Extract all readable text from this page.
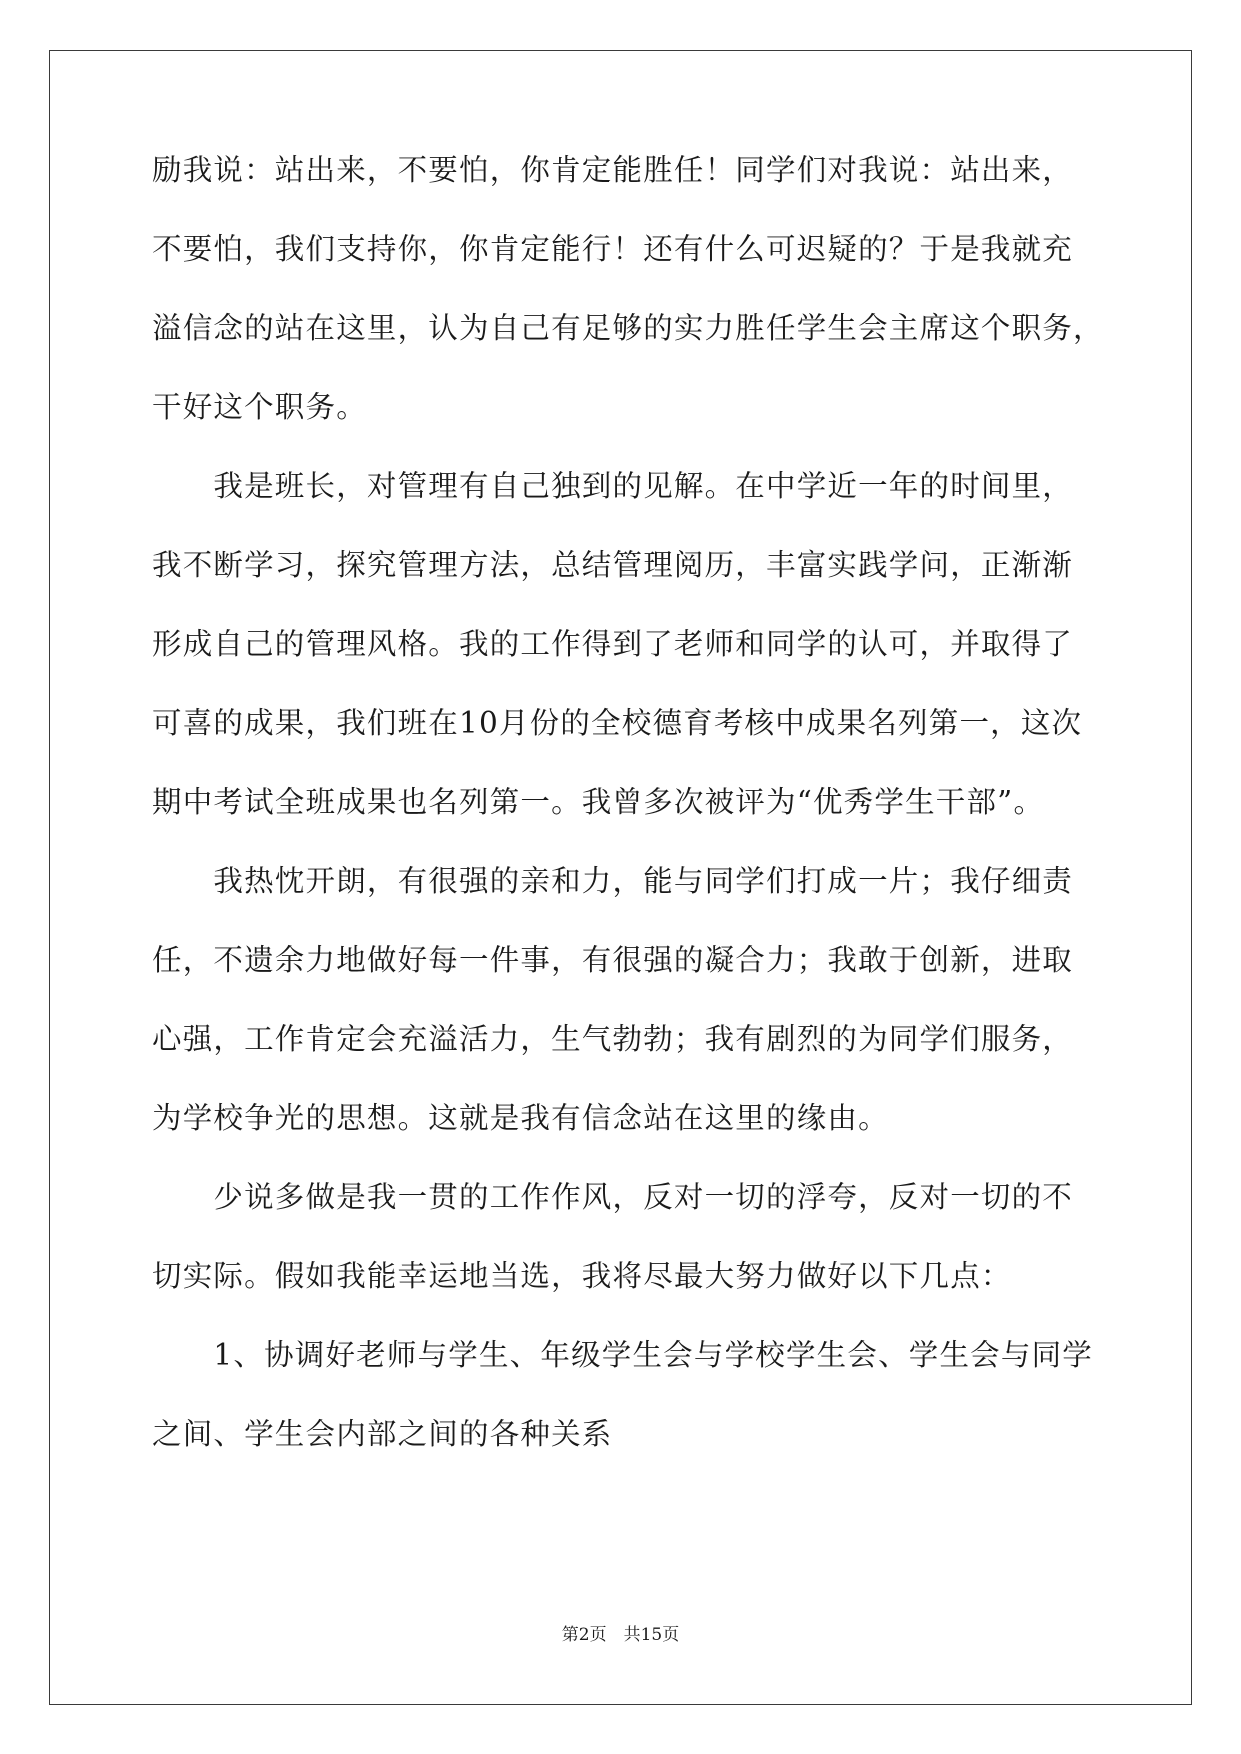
励我说：站出来，不要怕，你肯定能胜任！同学们对我说：站出来，
不要怕，我们支持你，你肯定能行！还有什么可迟疑的？于是我就充
溢信念的站在这里，认为自己有足够的实力胜任学生会主席这个职务，
干好这个职务。
　　我是班长，对管理有自己独到的见解。在中学近一年的时间里，
我不断学习，探究管理方法，总结管理阅历，丰富实践学问，正渐渐
形成自己的管理风格。我的工作得到了老师和同学的认可，并取得了
可喜的成果，我们班在10月份的全校德育考核中成果名列第一，这次
期中考试全班成果也名列第一。我曾多次被评为“优秀学生干部”。
　　我热忱开朗，有很强的亲和力，能与同学们打成一片；我仔细责
任，不遗余力地做好每一件事，有很强的凝合力；我敢于创新，进取
心强，工作肯定会充溢活力，生气勃勃；我有剧烈的为同学们服务，
为学校争光的思想。这就是我有信念站在这里的缘由。
　　少说多做是我一贯的工作作风，反对一切的浮夸，反对一切的不
切实际。假如我能幸运地当选，我将尽最大努力做好以下几点：
　　1、协调好老师与学生、年级学生会与学校学生会、学生会与同学
之间、学生会内部之间的各种关系
第2页　共15页
